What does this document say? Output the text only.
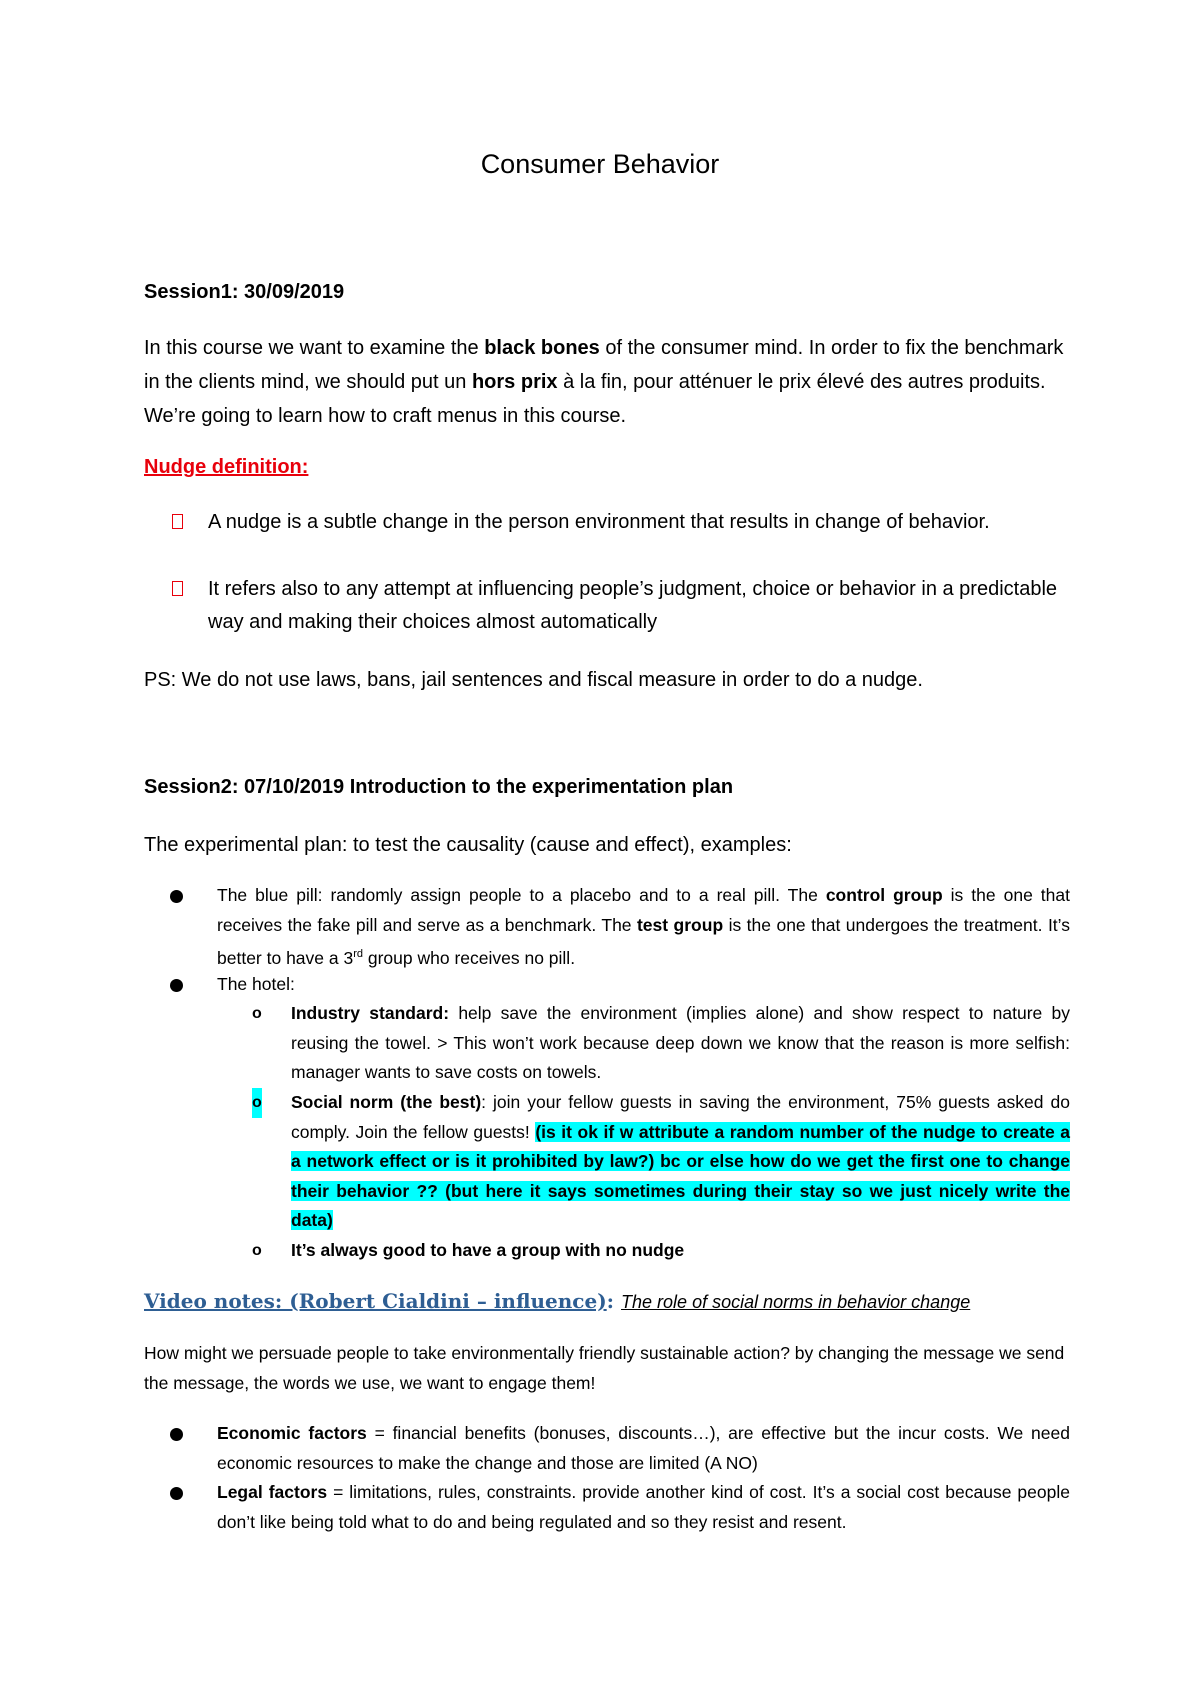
Consumer Behavior
Session1: 30/09/2019

In this course we want to examine the black bones of the consumer mind. In order to fix the benchmark in the clients mind, we should put un hors prix à la fin, pour atténuer le prix élevé des autres produits. We’re going to learn how to craft menus in this course.

Nudge definition:
A nudge is a subtle change in the person environment that results in change of behavior.
It refers also to any attempt at influencing people’s judgment, choice or behavior in a predictable way and making their choices almost automatically
PS: We do not use laws, bans, jail sentences and fiscal measure in order to do a nudge.
Session2: 07/10/2019 Introduction to the experimentation plan
The experimental plan: to test the causality (cause and effect), examples:
The blue pill: randomly assign people to a placebo and to a real pill. The control group is the one that receives the fake pill and serve as a benchmark. The test group is the one that undergoes the treatment. It’s better to have a 3rd group who receives no pill.
The hotel:
o Industry standard: help save the environment (implies alone) and show respect to nature by reusing the towel. > This won’t work because deep down we know that the reason is more selfish: manager wants to save costs on towels.
o Social norm (the best): join your fellow guests in saving the environment, 75% guests asked do comply. Join the fellow guests! (is it ok if w attribute a random number of the nudge to create a a network effect or is it prohibited by law?) bc or else how do we get the first one to change their behavior ?? (but here it says sometimes during their stay so we just nicely write the data)
o It’s always good to have a group with no nudge
Video notes: (Robert Cialdini – influence): The role of social norms in behavior change
How might we persuade people to take environmentally friendly sustainable action? by changing the message we send the message, the words we use, we want to engage them!
Economic factors = financial benefits (bonuses, discounts…), are effective but the incur costs. We need economic resources to make the change and those are limited (A NO)
Legal factors = limitations, rules, constraints. provide another kind of cost. It’s a social cost because people don’t like being told what to do and being regulated and so they resist and resent.
